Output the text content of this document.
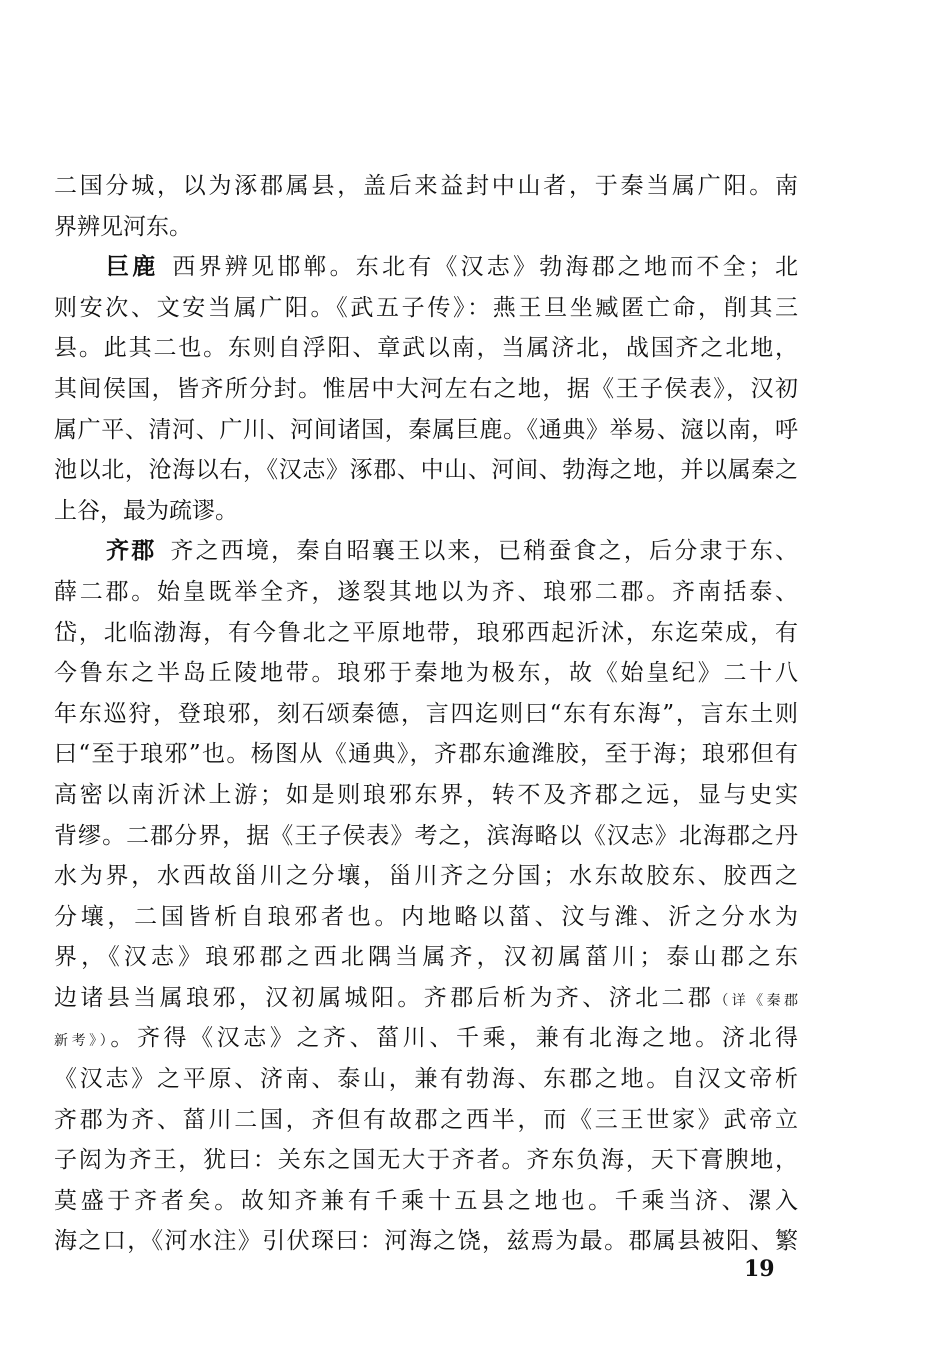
二国分城，以为涿郡属县，盖后来益封中山者，于秦当属广阳。南
界辨见河东。
巨鹿 西界辨见邯郸。东北有《汉志》勃海郡之地而不全；北
则安次、文安当属广阳。《武五子传》：燕王旦坐臧匿亡命，削其三
县。此其二也。东则自浮阳、章武以南，当属济北，战国齐之北地，
其间侯国，皆齐所分封。惟居中大河左右之地，据《王子侯表》，汉初
属广平、清河、广川、河间诸国，秦属巨鹿。《通典》举易、滱以南，呼
池以北，沧海以右，《汉志》涿郡、中山、河间、勃海之地，并以属秦之
上谷，最为疏谬。
齐郡 齐之西境，秦自昭襄王以来，已稍蚕食之，后分隶于东、
薛二郡。始皇既举全齐，遂裂其地以为齐、琅邪二郡。齐南括泰、
岱，北临渤海，有今鲁北之平原地带，琅邪西起沂沭，东迄荣成，有
今鲁东之半岛丘陵地带。琅邪于秦地为极东，故《始皇纪》二十八
年东巡狩，登琅邪，刻石颂秦德，言四迄则曰“东有东海”，言东土则
曰“至于琅邪”也。杨图从《通典》，齐郡东逾潍胶，至于海；琅邪但有
高密以南沂沭上游；如是则琅邪东界，转不及齐郡之远，显与史实
背缪。二郡分界，据《王子侯表》考之，滨海略以《汉志》北海郡之丹
水为界，水西故甾川之分壤，甾川齐之分国；水东故胶东、胶西之
分壤，二国皆析自琅邪者也。内地略以菑、汶与潍、沂之分水为
界，《汉志》琅邪郡之西北隅当属齐，汉初属菑川；泰山郡之东
边诸县当属琅邪，汉初属城阳。齐郡后析为齐、济北二郡（详《秦郡
新考》）。齐得《汉志》之齐、菑川、千乘，兼有北海之地。济北得
《汉志》之平原、济南、泰山，兼有勃海、东郡之地。自汉文帝析
齐郡为齐、菑川二国，齐但有故郡之西半，而《三王世家》武帝立
子闳为齐王，犹曰：关东之国无大于齐者。齐东负海，天下膏腴地，
莫盛于齐者矣。故知齐兼有千乘十五县之地也。千乘当济、漯入
海之口，《河水注》引伏琛曰：河海之饶，兹焉为最。郡属县被阳、繁
19
